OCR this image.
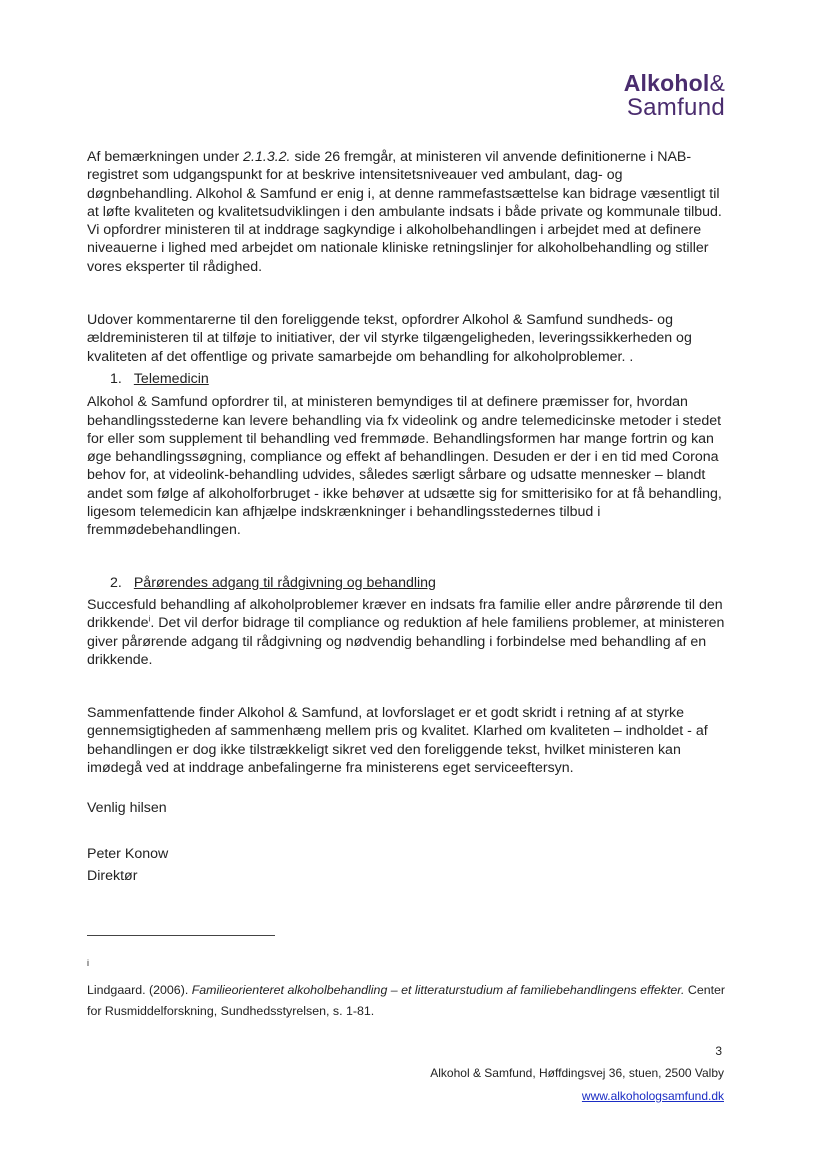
Alkohol&
Samfund

Af bemærkningen under 2.1.3.2. side 26 fremgår, at ministeren vil anvende definitionerne i NAB-registret som udgangspunkt for at beskrive intensitetsniveauer ved ambulant, dag- og døgnbehandling. Alkohol & Samfund er enig i, at denne rammefastsættelse kan bidrage væsentligt til at løfte kvaliteten og kvalitetsudviklingen i den ambulante indsats i både private og kommunale tilbud. Vi opfordrer ministeren til at inddrage sagkyndige i alkoholbehandlingen i arbejdet med at definere niveauerne i lighed med arbejdet om nationale kliniske retningslinjer for alkoholbehandling og stiller vores eksperter til rådighed.

Udover kommentarerne til den foreliggende tekst, opfordrer Alkohol & Samfund sundheds- og ældreministeren til at tilføje to initiativer, der vil styrke tilgængeligheden, leveringssikkerheden og kvaliteten af det offentlige og private samarbejde om behandling for alkoholproblemer. .

1. Telemedicin

Alkohol & Samfund opfordrer til, at ministeren bemyndiges til at definere præmisser for, hvordan behandlingsstederne kan levere behandling via fx videolink og andre telemedicinske metoder i stedet for eller som supplement til behandling ved fremmøde. Behandlingsformen har mange fortrin og kan øge behandlingssøgning, compliance og effekt af behandlingen. Desuden er der i en tid med Corona behov for, at videolink-behandling udvides, således særligt sårbare og udsatte mennesker – blandt andet som følge af alkoholforbruget - ikke behøver at udsætte sig for smitterisiko for at få behandling, ligesom telemedicin kan afhjælpe indskrænkninger i behandlingsstedernes tilbud i fremmødebehandlingen.

2. Pårørendes adgang til rådgivning og behandling

Succesfuld behandling af alkoholproblemer kræver en indsats fra familie eller andre pårørende til den drikkende$^i$. Det vil derfor bidrage til compliance og reduktion af hele familiens problemer, at ministeren giver pårørende adgang til rådgivning og nødvendig behandling i forbindelse med behandling af en drikkende.

Sammenfattende finder Alkohol & Samfund, at lovforslaget er et godt skridt i retning af at styrke gennemsigtigheden af sammenhæng mellem pris og kvalitet. Klarhed om kvaliteten – indholdet - af behandlingen er dog ikke tilstrækkeligt sikret ved den foreliggende tekst, hvilket ministeren kan imødegå ved at inddrage anbefalingerne fra ministerens eget serviceeftersyn.

Venlig hilsen

Peter Konow

Direktør

i
Lindgaard. (2006). Familieorienteret alkoholbehandling – et litteraturstudium af familiebehandlingens effekter. Center for Rusmiddelforskning, Sundhedsstyrelsen, s. 1-81.
3
Alkohol & Samfund, Høffdingsvej 36, stuen, 2500 Valby
www.alkohologsamfund.dk
